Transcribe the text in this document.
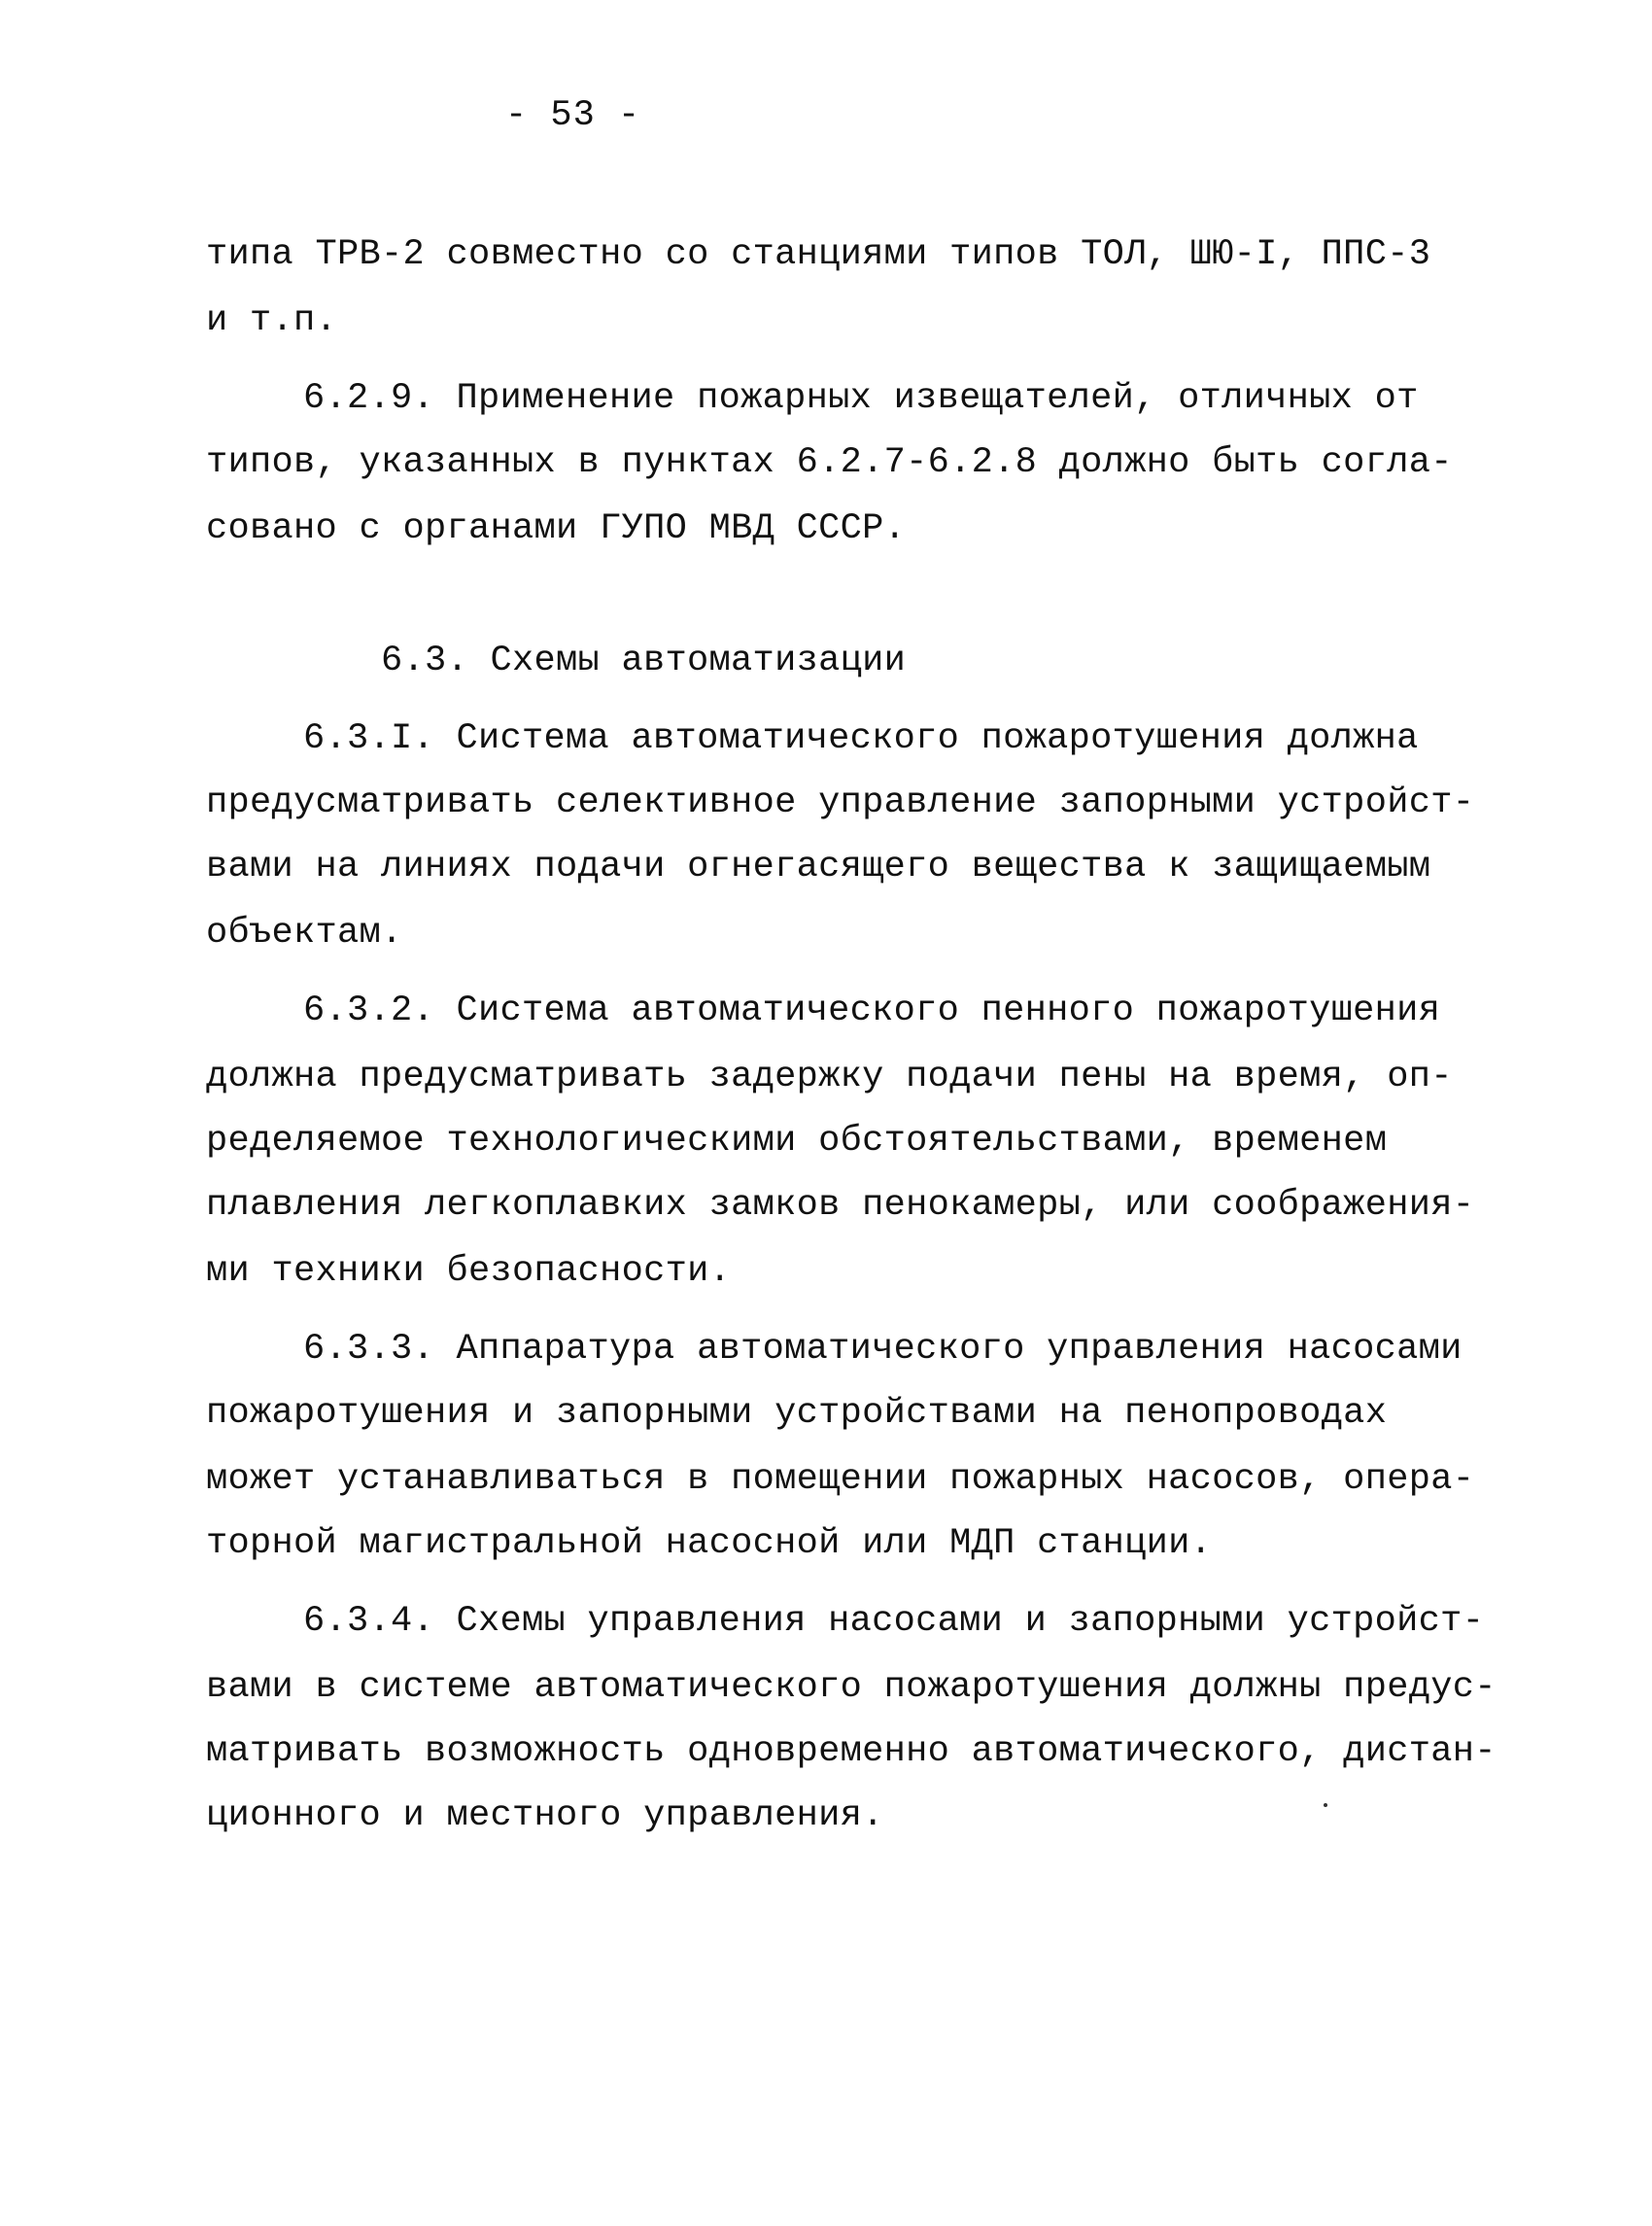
- 53 -
типа ТРВ-2 совместно со станциями типов ТОЛ, ШЮ-I, ППС-3
и т.п.
6.2.9. Применение пожарных извещателей, отличных от
типов, указанных в пунктах 6.2.7-6.2.8 должно быть согла-
совано с органами ГУПО МВД СССР.
6.3. Схемы автоматизации
6.3.I. Система автоматического пожаротушения должна
предусматривать селективное управление запорными устройст-
вами на линиях подачи огнегасящего вещества к защищаемым
объектам.
6.3.2. Система автоматического пенного пожаротушения
должна предусматривать задержку подачи пены на время, оп-
ределяемое технологическими обстоятельствами, временем
плавления легкоплавких замков пенокамеры, или соображения-
ми техники безопасности.
6.3.3. Аппаратура автоматического управления насосами
пожаротушения и запорными устройствами на пенопроводах
может устанавливаться в помещении пожарных насосов, опера-
торной магистральной насосной или МДП станции.
6.3.4. Схемы управления насосами и запорными устройст-
вами в системе автоматического пожаротушения должны предус-
матривать возможность одновременно автоматического, дистан-
ционного и местного управления.
